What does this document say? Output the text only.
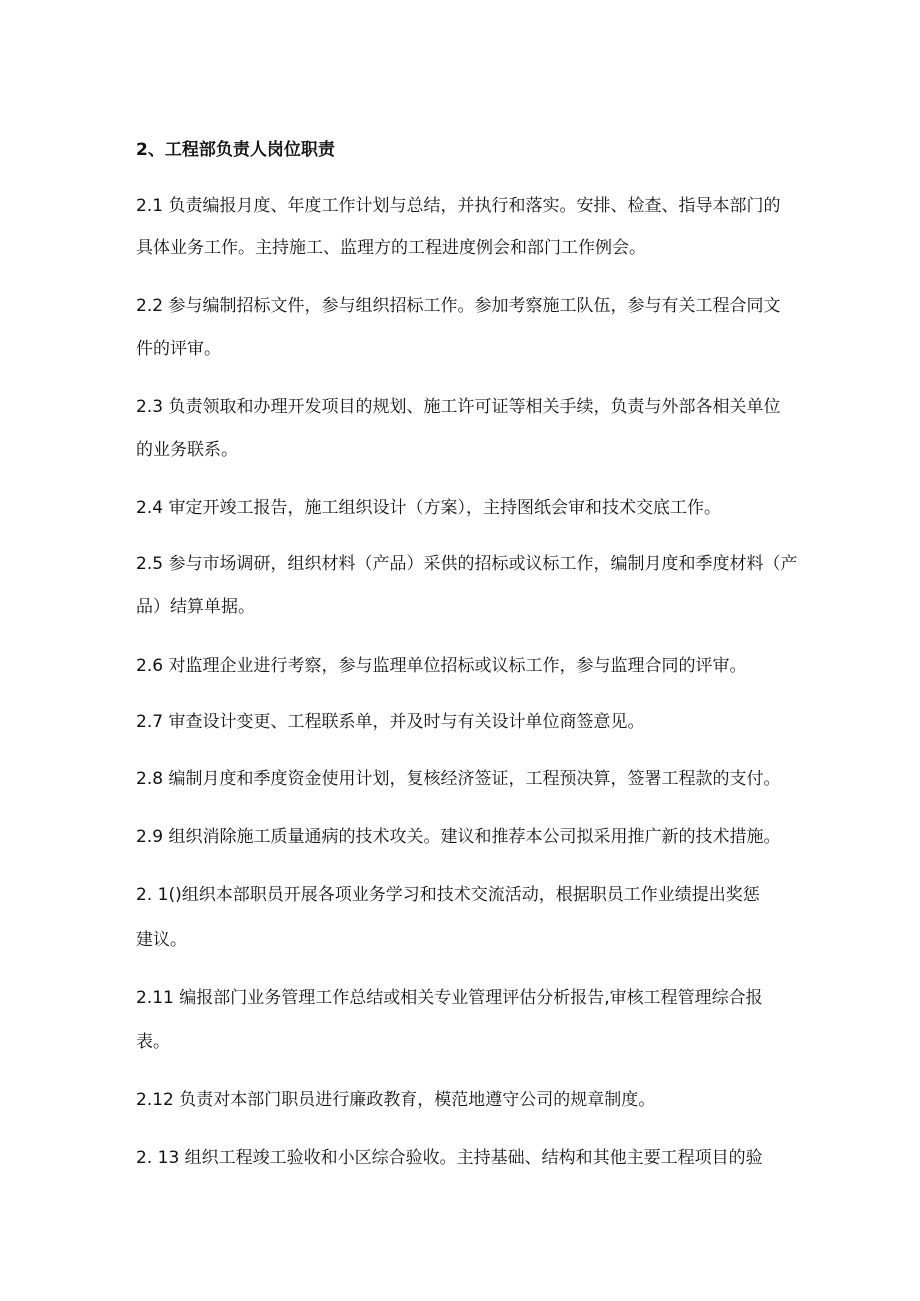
2、工程部负责人岗位职责
2.1 负责编报月度、年度工作计划与总结，并执行和落实。安排、检查、指导本部门的
具体业务工作。主持施工、监理方的工程进度例会和部门工作例会。
2.2 参与编制招标文件，参与组织招标工作。参加考察施工队伍，参与有关工程合同文
件的评审。
2.3 负责领取和办理开发项目的规划、施工许可证等相关手续，负责与外部各相关单位
的业务联系。
2.4 审定开竣工报告，施工组织设计（方案），主持图纸会审和技术交底工作。
2.5 参与市场调研，组织材料（产品）采供的招标或议标工作，编制月度和季度材料（产
品）结算单据。
2.6 对监理企业进行考察，参与监理单位招标或议标工作，参与监理合同的评审。
2.7 审查设计变更、工程联系单，并及时与有关设计单位商签意见。
2.8 编制月度和季度资金使用计划，复核经济签证，工程预决算，签署工程款的支付。
2.9 组织消除施工质量通病的技术攻关。建议和推荐本公司拟采用推广新的技术措施。
2. 1()组织本部职员开展各项业务学习和技术交流活动，根据职员工作业绩提出奖惩
建议。
2.11 编报部门业务管理工作总结或相关专业管理评估分析报告,审核工程管理综合报
表。
2.12 负责对本部门职员进行廉政教育，模范地遵守公司的规章制度。
2. 13 组织工程竣工验收和小区综合验收。主持基础、结构和其他主要工程项目的验
